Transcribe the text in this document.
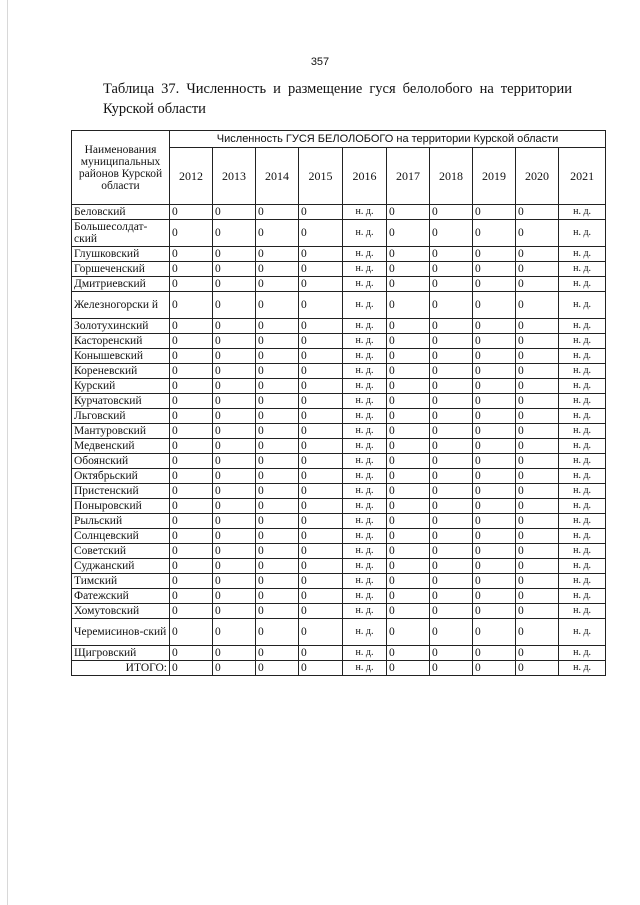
357
Таблица 37. Численность и размещение гуся белолобого на территории
Курской области
Наименования муниципальных районов Курской области	Численность ГУСЯ БЕЛОЛОБОГО на территории Курской области									
	2012	2013	2014	2015	2016	2017	2018	2019	2020	2021
Беловский	0	0	0	0	н. д.	0	0	0	0	н. д.
Большесолдат-ский	0	0	0	0	н. д.	0	0	0	0	н. д.
Глушковский	0	0	0	0	н. д.	0	0	0	0	н. д.
Горшеченский	0	0	0	0	н. д.	0	0	0	0	н. д.
Дмитриевский	0	0	0	0	н. д.	0	0	0	0	н. д.
Железногорски й	0	0	0	0	н. д.	0	0	0	0	н. д.
Золотухинский	0	0	0	0	н. д.	0	0	0	0	н. д.
Касторенский	0	0	0	0	н. д.	0	0	0	0	н. д.
Конышевский	0	0	0	0	н. д.	0	0	0	0	н. д.
Кореневский	0	0	0	0	н. д.	0	0	0	0	н. д.
Курский	0	0	0	0	н. д.	0	0	0	0	н. д.
Курчатовский	0	0	0	0	н. д.	0	0	0	0	н. д.
Льговский	0	0	0	0	н. д.	0	0	0	0	н. д.
Мантуровский	0	0	0	0	н. д.	0	0	0	0	н. д.
Медвенский	0	0	0	0	н. д.	0	0	0	0	н. д.
Обоянский	0	0	0	0	н. д.	0	0	0	0	н. д.
Октябрьский	0	0	0	0	н. д.	0	0	0	0	н. д.
Пристенский	0	0	0	0	н. д.	0	0	0	0	н. д.
Поныровский	0	0	0	0	н. д.	0	0	0	0	н. д.
Рыльский	0	0	0	0	н. д.	0	0	0	0	н. д.
Солнцевский	0	0	0	0	н. д.	0	0	0	0	н. д.
Советский	0	0	0	0	н. д.	0	0	0	0	н. д.
Суджанский	0	0	0	0	н. д.	0	0	0	0	н. д.
Тимский	0	0	0	0	н. д.	0	0	0	0	н. д.
Фатежский	0	0	0	0	н. д.	0	0	0	0	н. д.
Хомутовский	0	0	0	0	н. д.	0	0	0	0	н. д.
Черемисинов-ский	0	0	0	0	н. д.	0	0	0	0	н. д.
Щигровский	0	0	0	0	н. д.	0	0	0	0	н. д.
ИТОГО:	0	0	0	0	н. д.	0	0	0	0	н. д.
